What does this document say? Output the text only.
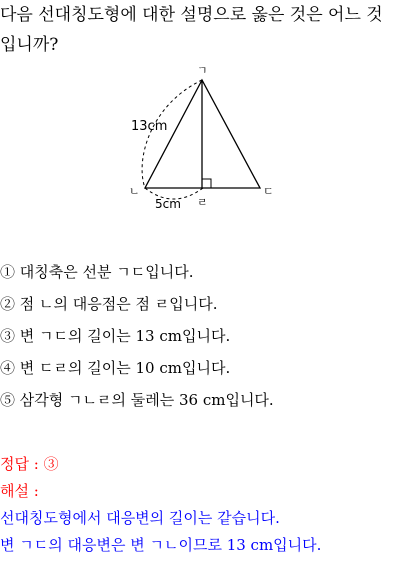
다음 선대칭도형에 대한 설명으로 옳은 것은 어느 것
입니까?
ㄱ
ㄴ	ㄷ
ㄹ
13cm
5cm
① 대칭축은 선분 ㄱㄷ입니다.
② 점 ㄴ의 대응점은 점 ㄹ입니다.
③ 변 ㄱㄷ의 길이는 13 cm입니다.
④ 변 ㄷㄹ의 길이는 10 cm입니다.
⑤ 삼각형 ㄱㄴㄹ의 둘레는 36 cm입니다.
정답 : ③
해설 :
선대칭도형에서 대응변의 길이는 같습니다.
변 ㄱㄷ의 대응변은 변 ㄱㄴ이므로 13 cm입니다.
